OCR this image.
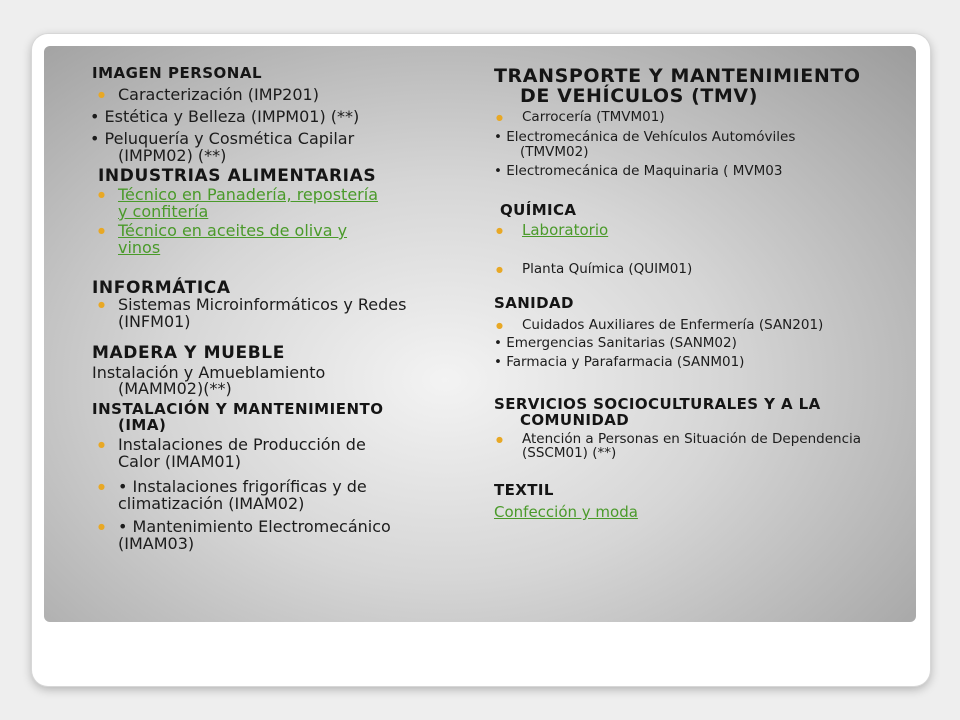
IMAGEN PERSONAL
● Caracterización (IMP201)
• Estética y Belleza (IMPM01) (**)
• Peluquería y Cosmética Capilar
(IMPM02) (**)
INDUSTRIAS ALIMENTARIAS
Técnico en Panadería, repostería
y confitería
Técnico en aceites de oliva y
vinos
INFORMÁTICA
Sistemas Microinformáticos y Redes
(INFM01)
MADERA Y MUEBLE
Instalación y Amueblamiento
(MAMM02)(**)
INSTALACIÓN Y MANTENIMIENTO
(IMA)
Instalaciones de Producción de
Calor (IMAM01)
• Instalaciones frigoríficas y de
climatización (IMAM02)
• Mantenimiento Electromecánico
(IMAM03)
TRANSPORTE Y MANTENIMIENTO
DE VEHÍCULOS (TMV)
Carrocería (TMVM01)
• Electromecánica de Vehículos Automóviles
(TMVM02)
• Electromecánica de Maquinaria ( MVM03
QUÍMICA
Laboratorio
Planta Química (QUIM01)
SANIDAD
Cuidados Auxiliares de Enfermería (SAN201)
• Emergencias Sanitarias (SANM02)
• Farmacia y Parafarmacia (SANM01)
SERVICIOS SOCIOCULTURALES Y A LA
COMUNIDAD
Atención a Personas en Situación de Dependencia
(SSCM01) (**)
TEXTIL
Confección y moda
